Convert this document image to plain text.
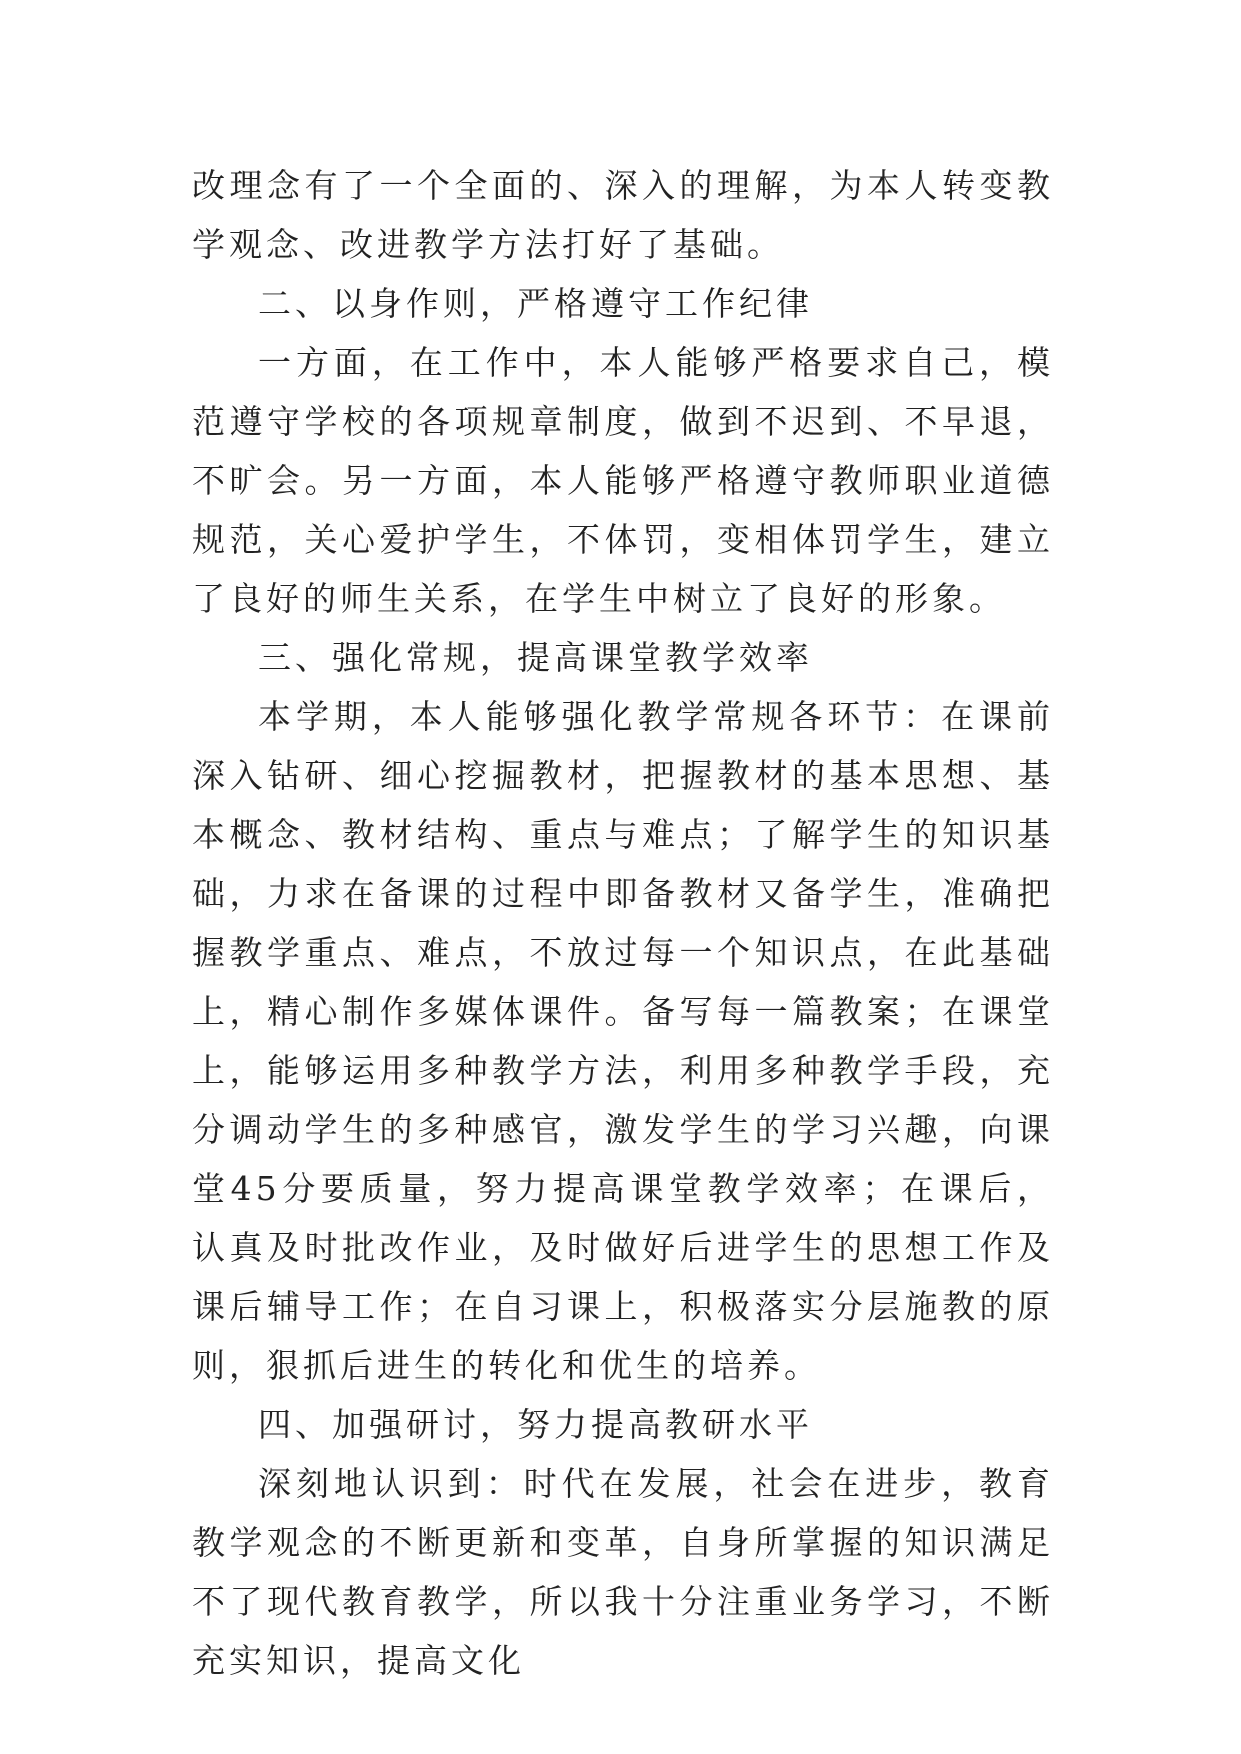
改理念有了一个全面的、深入的理解，为本人转变教学观念、改进教学方法打好了基础。

二、以身作则，严格遵守工作纪律

一方面，在工作中，本人能够严格要求自己，模范遵守学校的各项规章制度，做到不迟到、不早退，不旷会。另一方面，本人能够严格遵守教师职业道德规范，关心爱护学生，不体罚，变相体罚学生，建立了良好的师生关系，在学生中树立了良好的形象。

三、强化常规，提高课堂教学效率

本学期，本人能够强化教学常规各环节：在课前深入钻研、细心挖掘教材，把握教材的基本思想、基本概念、教材结构、重点与难点；了解学生的知识基础，力求在备课的过程中即备教材又备学生，准确把握教学重点、难点，不放过每一个知识点，在此基础上，精心制作多媒体课件。备写每一篇教案；在课堂上，能够运用多种教学方法，利用多种教学手段，充分调动学生的多种感官，激发学生的学习兴趣，向课堂45分要质量，努力提高课堂教学效率；在课后，认真及时批改作业，及时做好后进学生的思想工作及课后辅导工作；在自习课上，积极落实分层施教的原则，狠抓后进生的转化和优生的培养。

四、加强研讨，努力提高教研水平

深刻地认识到：时代在发展，社会在进步，教育教学观念的不断更新和变革，自身所掌握的知识满足不了现代教育教学，所以我十分注重业务学习，不断充实知识，提高文化
